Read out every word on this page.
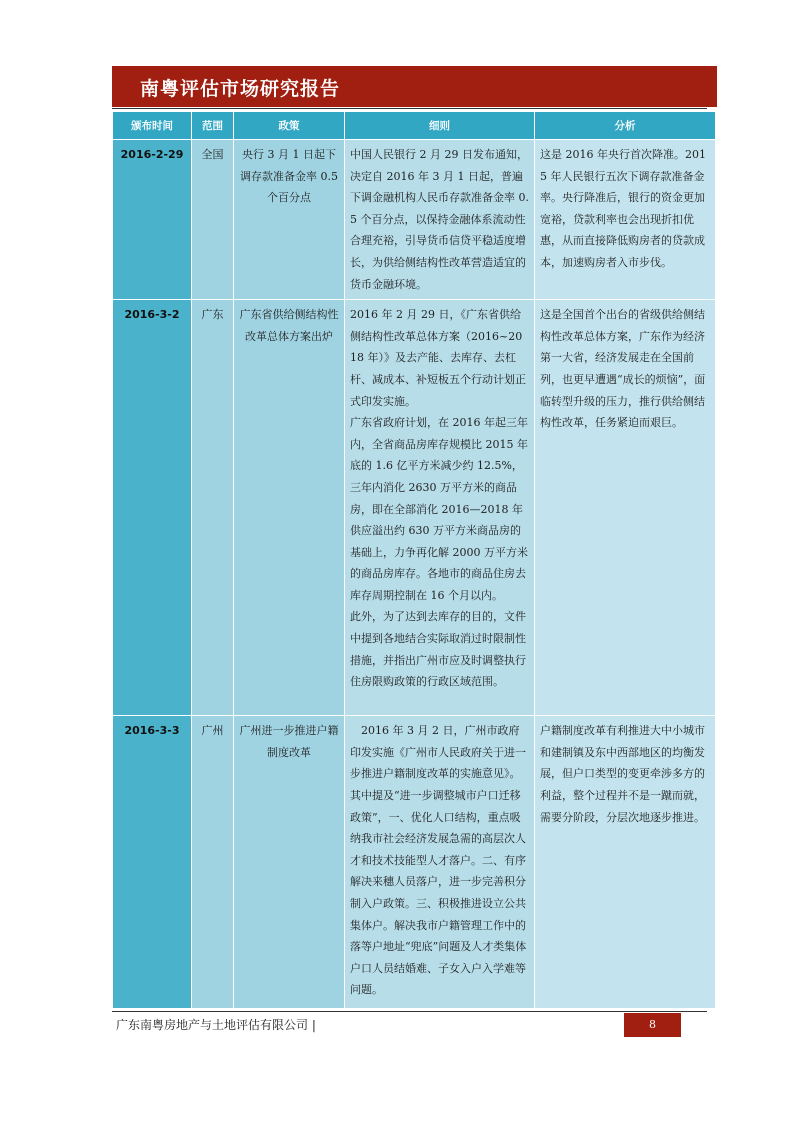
南粤评估市场研究报告
颁布时间	范围	政策	细则	分析
2016-2-29	全国	央行 3 月 1 日起下调存款准备金率 0.5 个百分点	中国人民银行 2 月 29 日发布通知，决定自 2016 年 3 月 1 日起，普遍下调金融机构人民币存款准备金率 0.5 个百分点，以保持金融体系流动性合理充裕，引导货币信贷平稳适度增长，为供给侧结构性改革营造适宜的货币金融环境。	这是 2016 年央行首次降准。2015 年人民银行五次下调存款准备金率。央行降准后，银行的资金更加宽裕，贷款利率也会出现折扣优惠，从而直接降低购房者的贷款成本，加速购房者入市步伐。
2016-3-2	广东	广东省供给侧结构性改革总体方案出炉	2016 年 2 月 29 日，《广东省供给侧结构性改革总体方案（2016~2018 年）》及去产能、去库存、去杠杆、减成本、补短板五个行动计划正式印发实施。

广东省政府计划，在 2016 年起三年内，全省商品房库存规模比 2015 年底的 1.6 亿平方米减少约 12.5%，三年内消化 2630 万平方米的商品房，即在全部消化 2016—2018 年供应溢出约 630 万平方米商品房的基础上，力争再化解 2000 万平方米的商品房库存。各地市的商品住房去库存周期控制在 16 个月以内。

此外，为了达到去库存的目的，文件中提到各地结合实际取消过时限制性措施，并指出广州市应及时调整执行住房限购政策的行政区域范围。	这是全国首个出台的省级供给侧结构性改革总体方案，广东作为经济第一大省，经济发展走在全国前列，也更早遭遇“成长的烦恼”，面临转型升级的压力，推行供给侧结构性改革，任务紧迫而艰巨。
2016-3-3	广州	广州进一步推进户籍制度改革	2016 年 3 月 2 日，广州市政府印发实施《广州市人民政府关于进一步推进户籍制度改革的实施意见》。其中提及“进一步调整城市户口迁移政策”，一、优化人口结构，重点吸纳我市社会经济发展急需的高层次人才和技术技能型人才落户。二、有序解决来穗人员落户，进一步完善积分制入户政策。三、积极推进设立公共集体户。解决我市户籍管理工作中的落等户地址“兜底”问题及人才类集体户口人员结婚难、子女入户入学难等问题。	户籍制度改革有利推进大中小城市和建制镇及东中西部地区的均衡发展，但户口类型的变更牵涉多方的利益，整个过程并不是一蹴而就，需要分阶段，分层次地逐步推进。
广东南粤房地产与土地评估有限公司 |	8
